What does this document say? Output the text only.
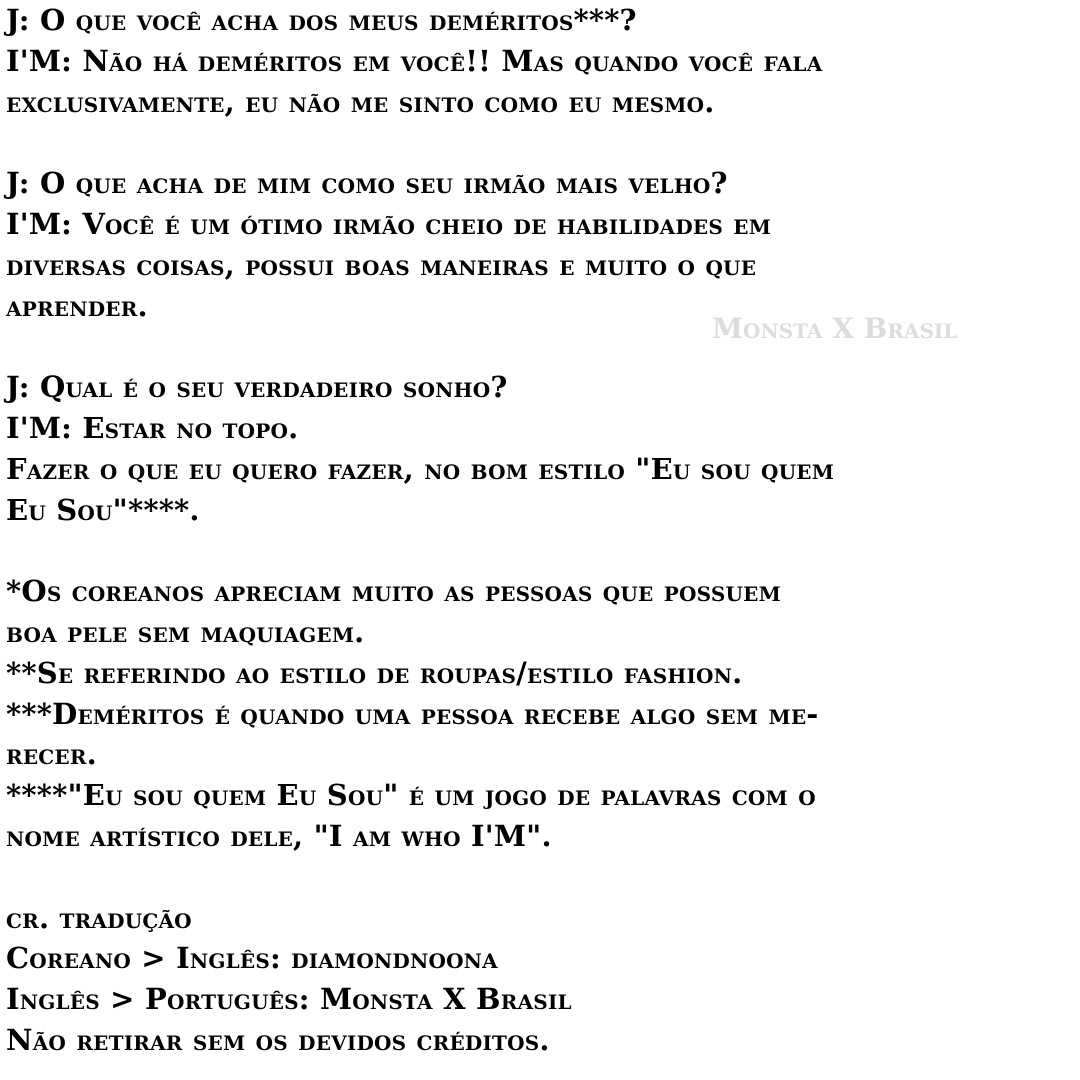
J: O que você acha dos meus deméritos***?
I'M: Não há deméritos em você!! Mas quando você fala
exclusivamente, eu não me sinto como eu mesmo.
J: O que acha de mim como seu irmão mais velho?
I'M: Você é um ótimo irmão cheio de habilidades em
diversas coisas, possui boas maneiras e muito o que
aprender.
J: Qual é o seu verdadeiro sonho?
I'M: Estar no topo.
Fazer o que eu quero fazer, no bom estilo "Eu sou quem
Eu Sou"****.
*Os coreanos apreciam muito as pessoas que possuem
boa pele sem maquiagem.
**Se referindo ao estilo de roupas/estilo fashion.
***Deméritos é quando uma pessoa recebe algo sem me-
recer.
****"Eu sou quem Eu Sou" é um jogo de palavras com o
nome artístico dele, "I am who I'M".
cr. tradução
Coreano > Inglês: diamondnoona
Inglês > Português: Monsta X Brasil
Não retirar sem os devidos créditos.
Monsta X Brasil
